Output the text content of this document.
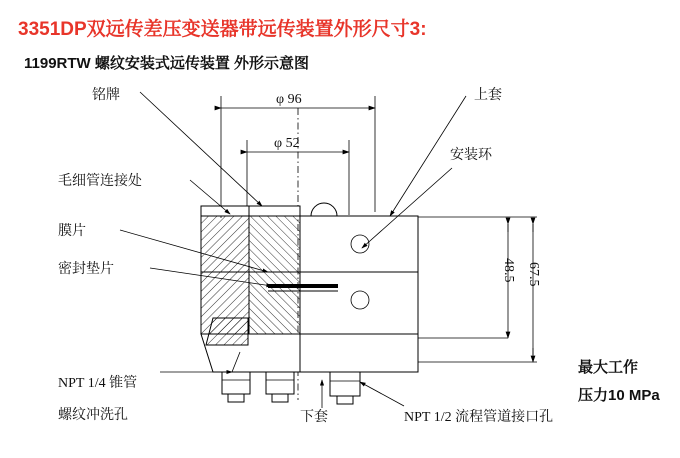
3351DP双远传差压变送器带远传装置外形尺寸3:
1199RTW 螺纹安装式远传装置 外形示意图
铭牌
毛细管连接处
膜片
密封垫片
NPT 1/4 锥管
螺纹冲洗孔	下套
上套
安装环
NPT 1/2 流程管道接口孔
最大工作
压力10 MPa
φ 96
φ 52
48.5 67.5
